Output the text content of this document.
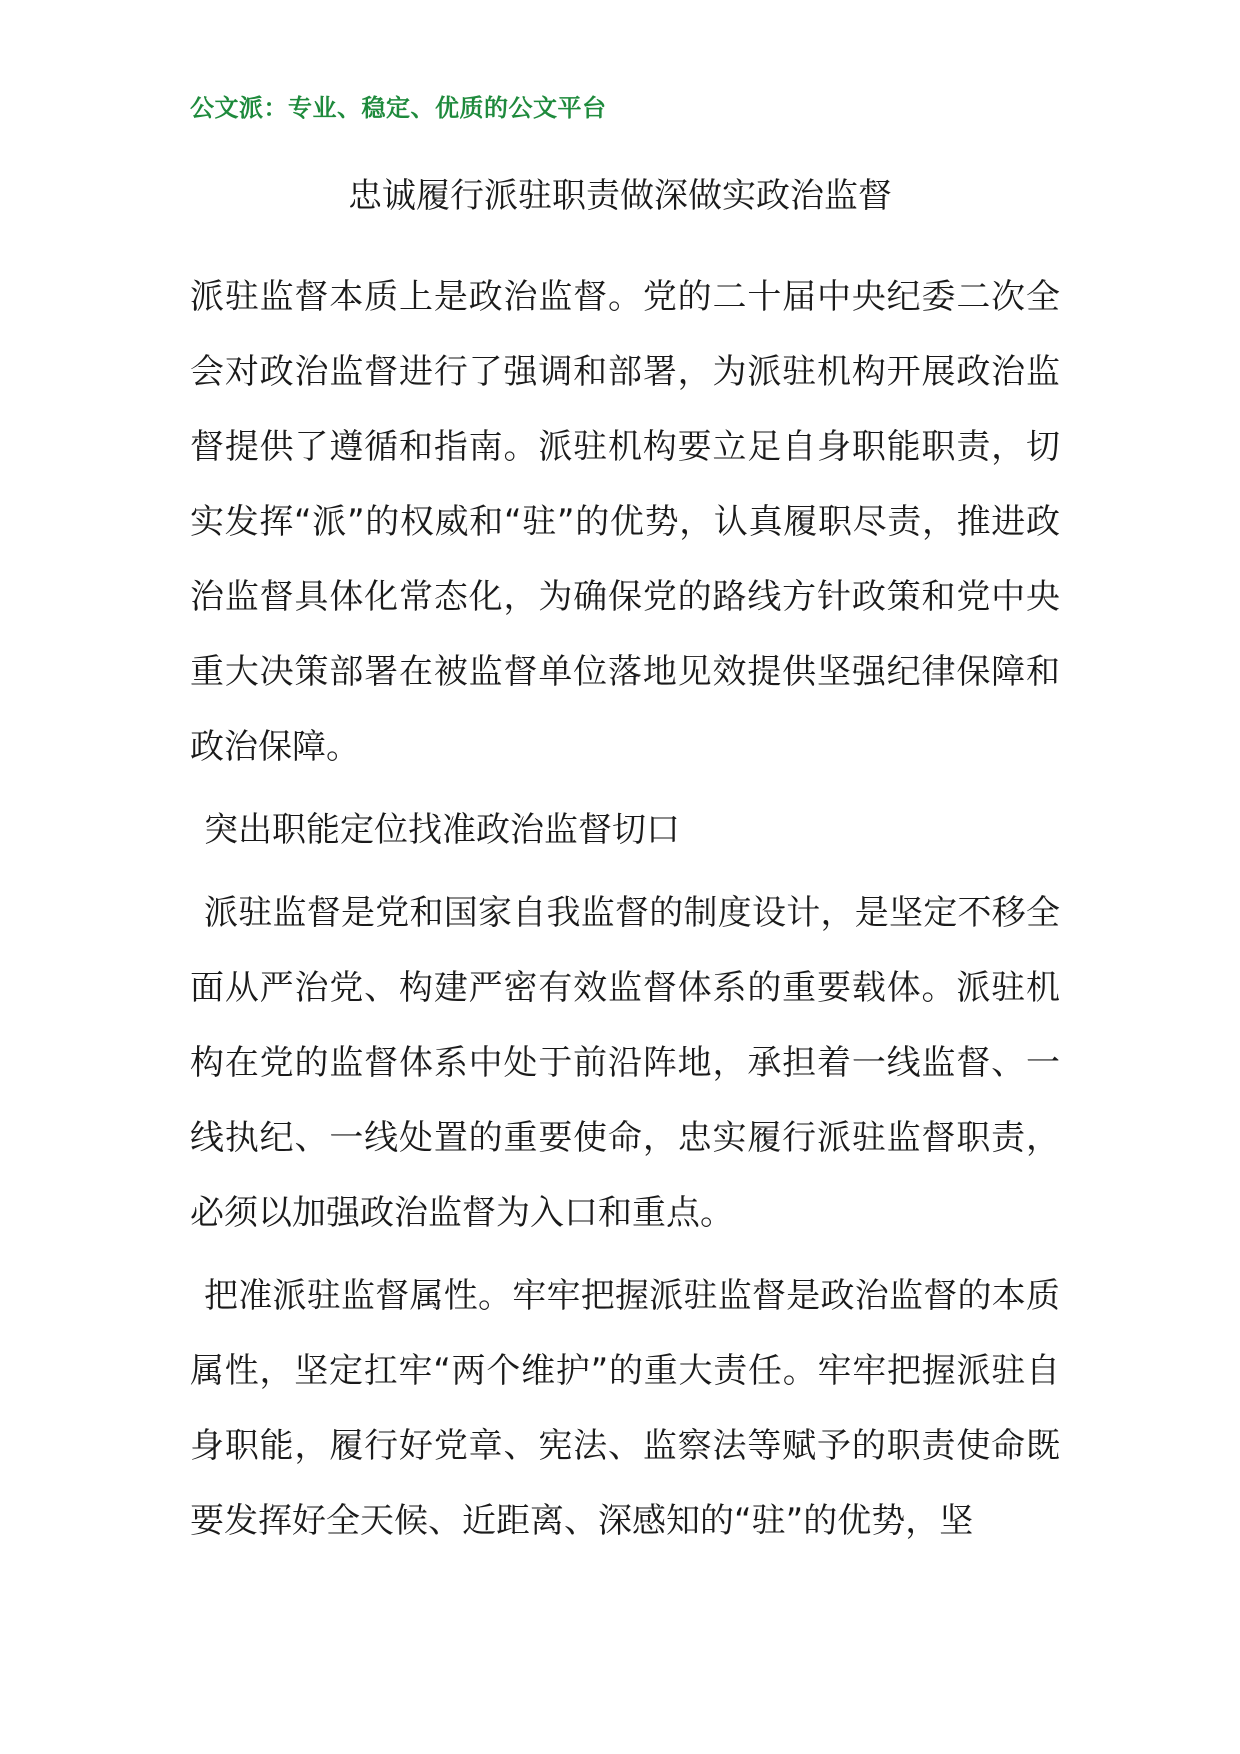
公文派：专业、稳定、优质的公文平台
忠诚履行派驻职责做深做实政治监督

派驻监督本质上是政治监督。党的二十届中央纪委二次全会对政治监督进行了强调和部署，为派驻机构开展政治监督提供了遵循和指南。派驻机构要立足自身职能职责，切实发挥“派”的权威和“驻”的优势，认真履职尽责，推进政治监督具体化常态化，为确保党的路线方针政策和党中央重大决策部署在被监督单位落地见效提供坚强纪律保障和政治保障。

突出职能定位找准政治监督切口

派驻监督是党和国家自我监督的制度设计，是坚定不移全面从严治党、构建严密有效监督体系的重要载体。派驻机构在党的监督体系中处于前沿阵地，承担着一线监督、一线执纪、一线处置的重要使命，忠实履行派驻监督职责，必须以加强政治监督为入口和重点。

把准派驻监督属性。牢牢把握派驻监督是政治监督的本质属性，坚定扛牢“两个维护”的重大责任。牢牢把握派驻自身职能，履行好党章、宪法、监察法等赋予的职责使命既要发挥好全天候、近距离、深感知的“驻”的优势，坚
